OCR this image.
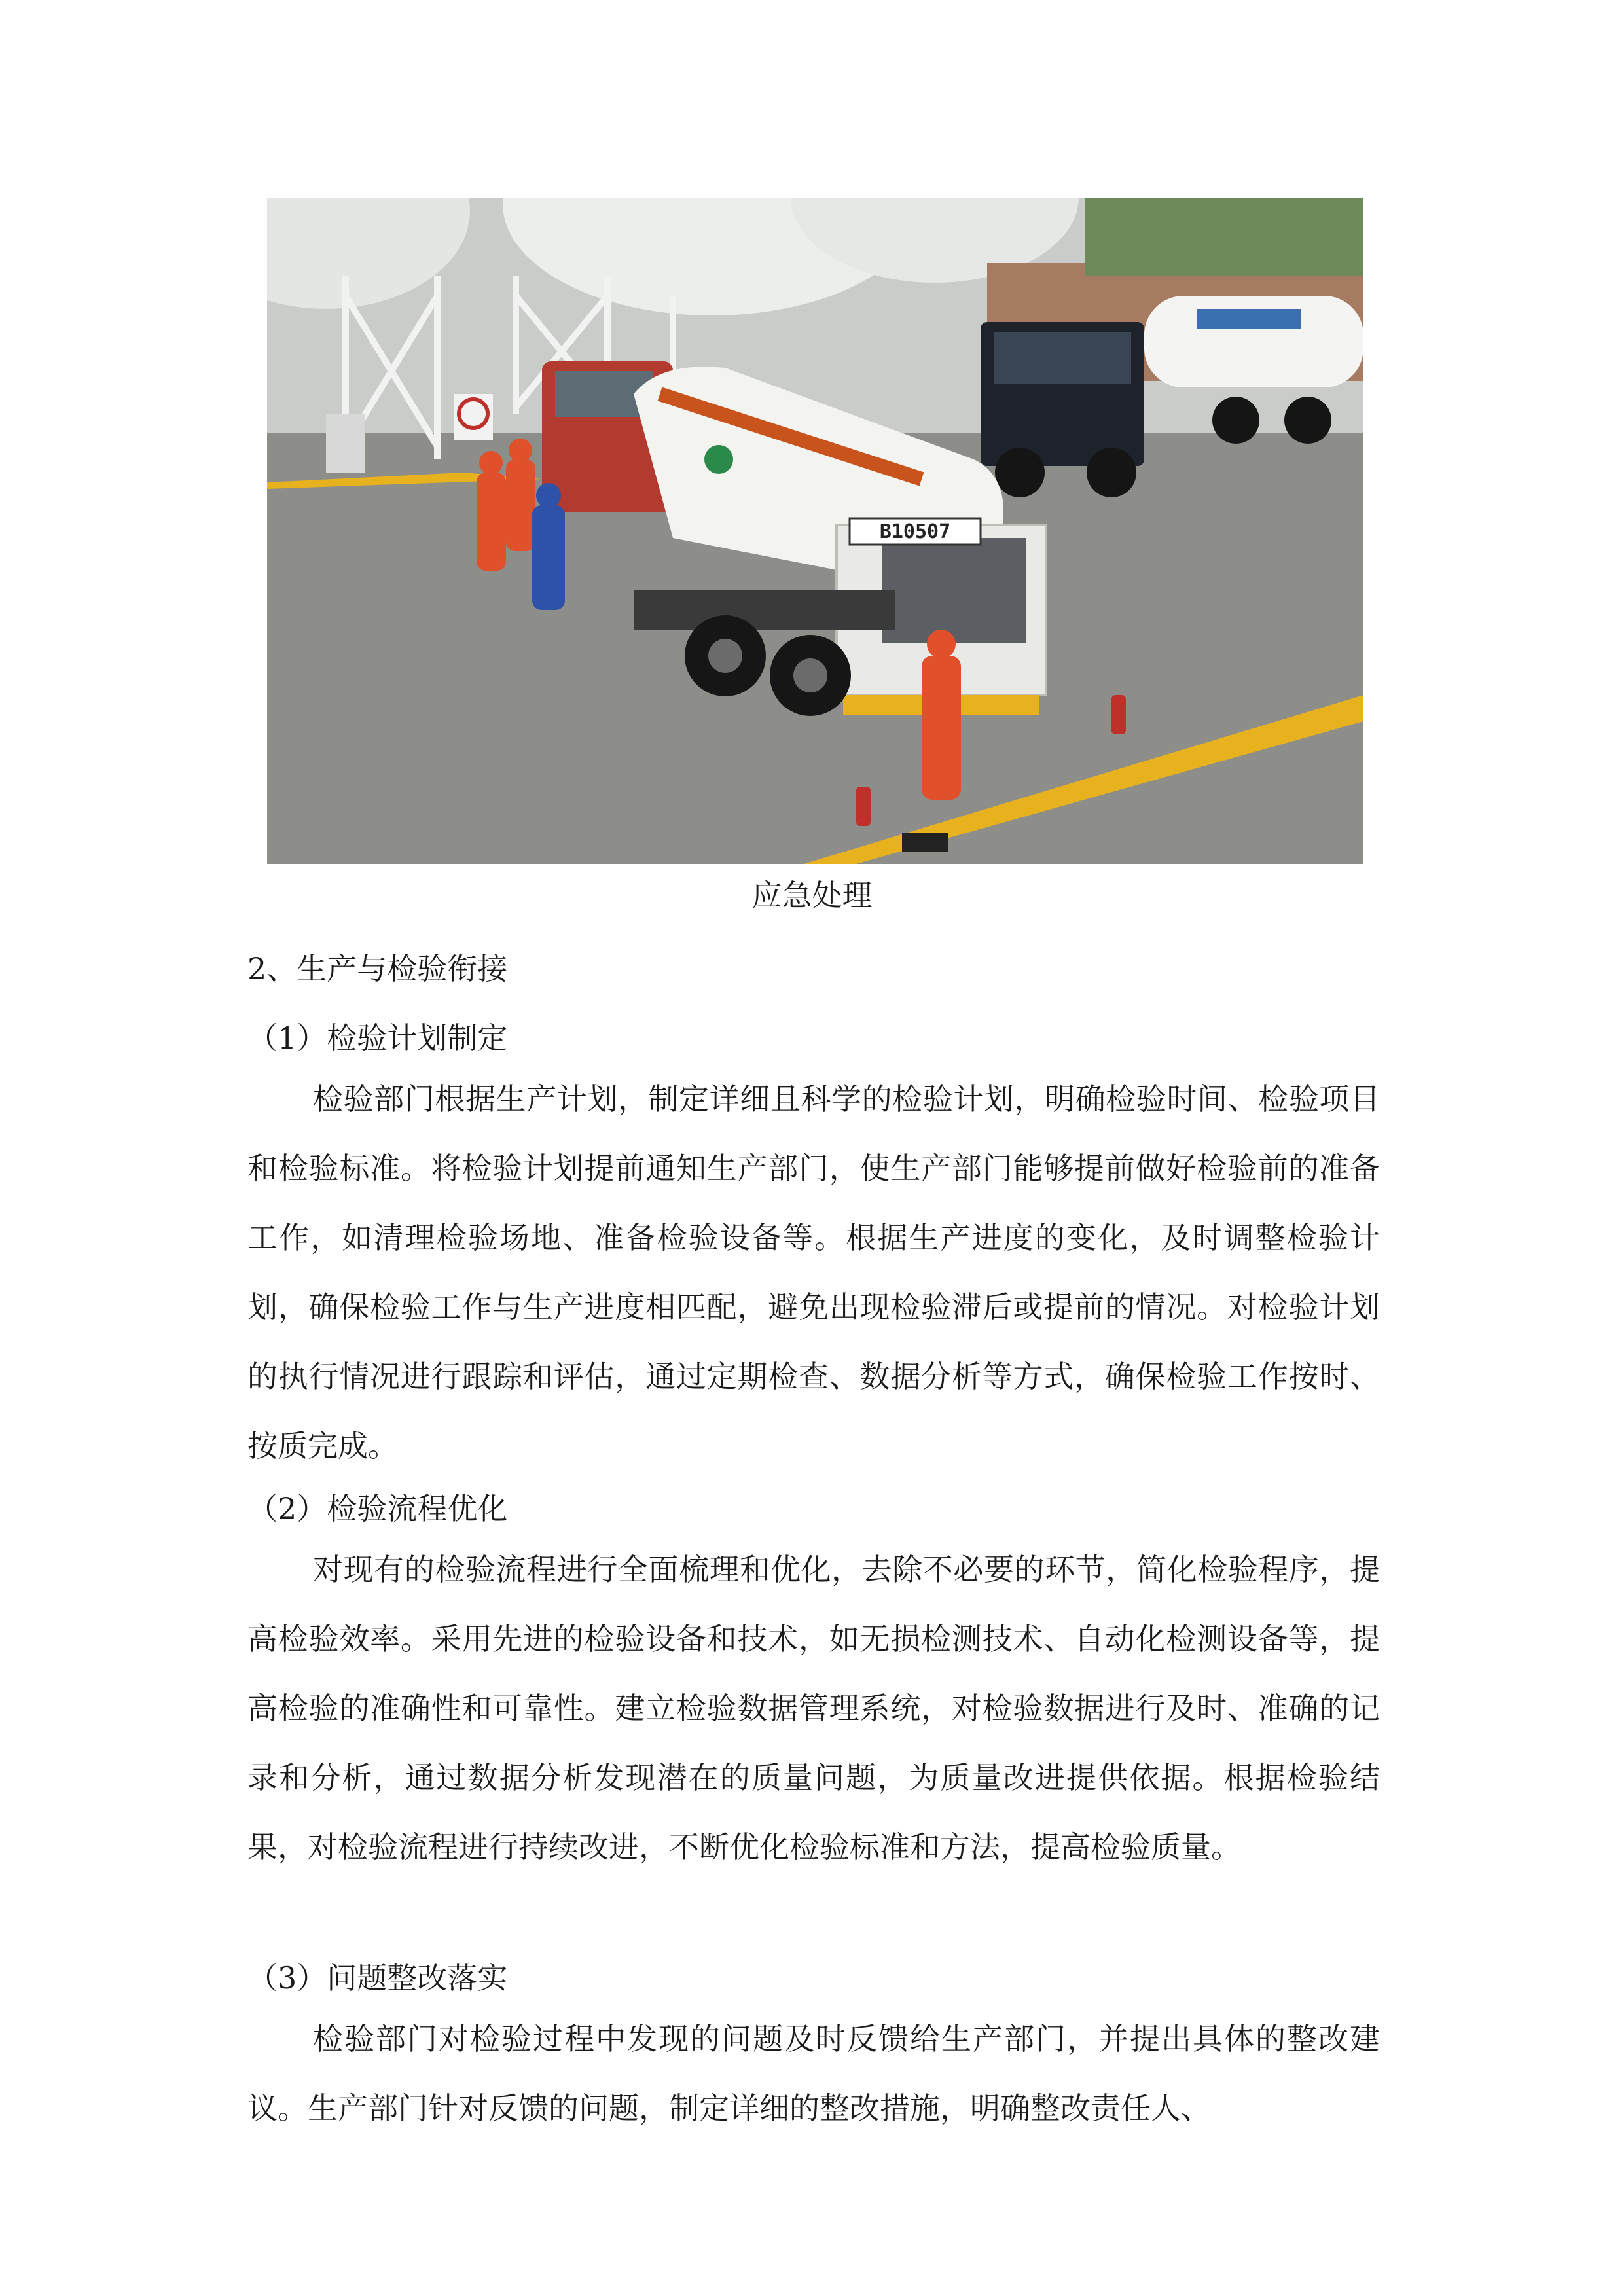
B10507
应急处理
2、生产与检验衔接
（1）检验计划制定

检验部门根据生产计划，制定详细且科学的检验计划，明确检验时间、检验项目和检验标准。将检验计划提前通知生产部门，使生产部门能够提前做好检验前的准备工作，如清理检验场地、准备检验设备等。根据生产进度的变化，及时调整检验计划，确保检验工作与生产进度相匹配，避免出现检验滞后或提前的情况。对检验计划的执行情况进行跟踪和评估，通过定期检查、数据分析等方式，确保检验工作按时、按质完成。

（2）检验流程优化

对现有的检验流程进行全面梳理和优化，去除不必要的环节，简化检验程序，提高检验效率。采用先进的检验设备和技术，如无损检测技术、自动化检测设备等，提高检验的准确性和可靠性。建立检验数据管理系统，对检验数据进行及时、准确的记录和分析，通过数据分析发现潜在的质量问题，为质量改进提供依据。根据检验结果，对检验流程进行持续改进，不断优化检验标准和方法，提高检验质量。

（3）问题整改落实

检验部门对检验过程中发现的问题及时反馈给生产部门，并提出具体的整改建议。生产部门针对反馈的问题，制定详细的整改措施，明确整改责任人、
